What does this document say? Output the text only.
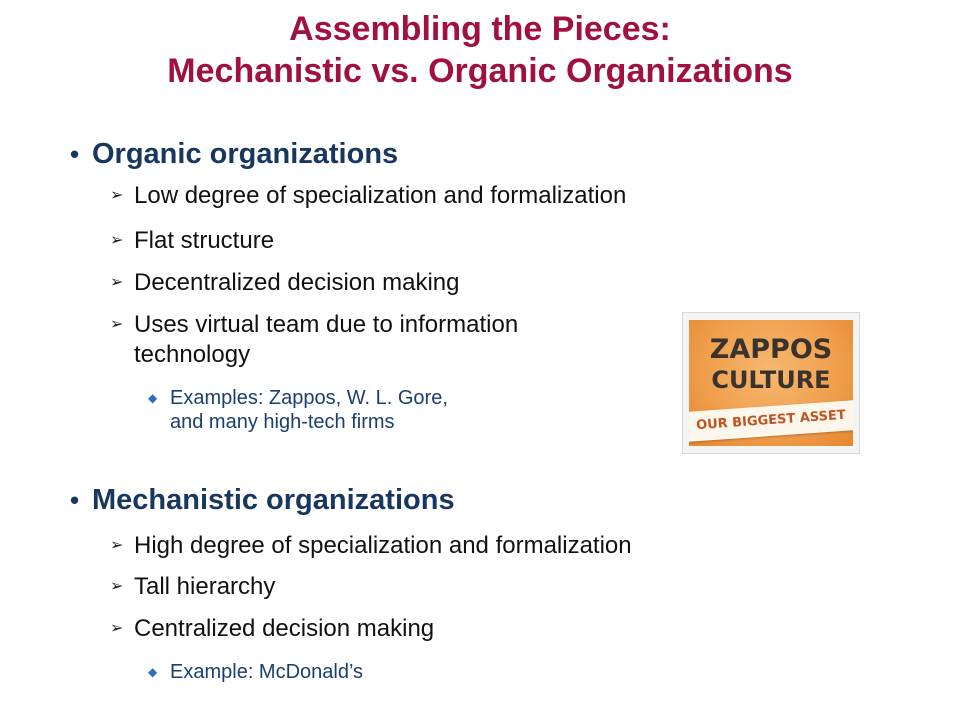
Assembling the Pieces:
Mechanistic vs. Organic Organizations
• Organic organizations
➢ Low degree of specialization and formalization
➢ Flat structure
➢ Decentralized decision making
➢ Uses virtual team due to information
technology
◆ Examples: Zappos, W. L. Gore,
and many high-tech firms
• Mechanistic organizations
➢ High degree of specialization and formalization
➢ Tall hierarchy
➢ Centralized decision making
◆ Example: McDonald’s
ZAPPOS
CULTURE
OUR BIGGEST ASSET
